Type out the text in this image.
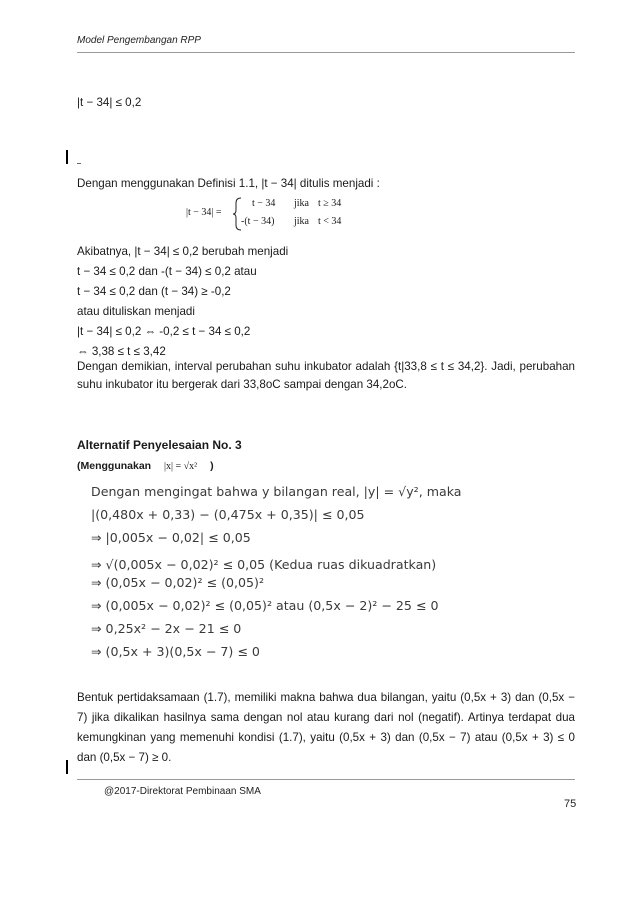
Model Pengembangan RPP
|t − 34| ≤ 0,2
Dengan menggunakan Definisi 1.1, |t − 34| ditulis menjadi :
|t − 34| =
t − 34 jika t ≥ 34
-(t − 34) jika t < 34
Akibatnya, |t − 34| ≤ 0,2 berubah menjadi
t − 34 ≤ 0,2 dan -(t − 34) ≤ 0,2 atau
t − 34 ≤ 0,2 dan (t − 34) ≥ -0,2
atau dituliskan menjadi
|t − 34| ≤ 0,2 ⇔ -0,2 ≤ t − 34 ≤ 0,2
⇔ 3,38 ≤ t ≤ 3,42
Dengan demikian, interval perubahan suhu inkubator adalah {t|33,8 ≤ t ≤ 34,2}. Jadi, perubahan suhu inkubator itu bergerak dari 33,8oC sampai dengan 34,2oC.
Alternatif Penyelesaian No. 3
(Menggunakan |x| = √x² )
Dengan mengingat bahwa y bilangan real, |y| = √y², maka
|(0,480x + 0,33) − (0,475x + 0,35)| ≤ 0,05
⇒ |0,005x − 0,02| ≤ 0,05
⇒ √(0,005x − 0,02)² ≤ 0,05 (Kedua ruas dikuadratkan)
⇒ (0,05x − 0,02)² ≤ (0,05)²
⇒ (0,005x − 0,02)² ≤ (0,05)² atau (0,5x − 2)² − 25 ≤ 0
⇒ 0,25x² − 2x − 21 ≤ 0
⇒ (0,5x + 3)(0,5x − 7) ≤ 0
Bentuk pertidaksamaan (1.7), memiliki makna bahwa dua bilangan, yaitu (0,5x + 3) dan (0,5x − 7) jika dikalikan hasilnya sama dengan nol atau kurang dari nol (negatif). Artinya terdapat dua kemungkinan yang memenuhi kondisi (1.7), yaitu (0,5x + 3) dan (0,5x − 7) atau (0,5x + 3) ≤ 0 dan (0,5x − 7) ≥ 0.
@2017-Direktorat Pembinaan SMA
75
